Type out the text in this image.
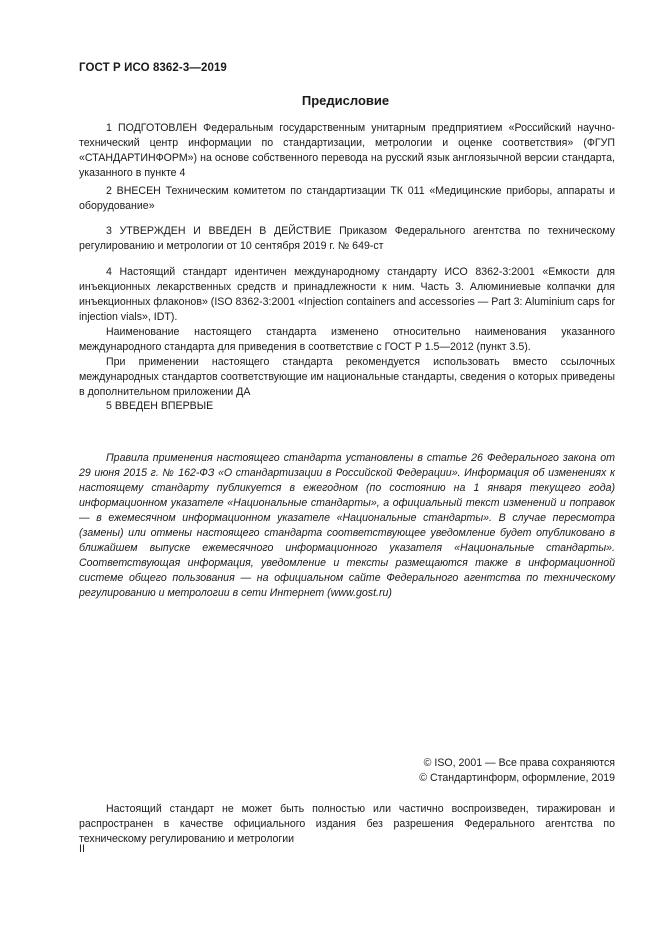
ГОСТ Р ИСО 8362-3—2019
Предисловие

1 ПОДГОТОВЛЕН Федеральным государственным унитарным предприятием «Российский научно-технический центр информации по стандартизации, метрологии и оценке соответствия» (ФГУП «СТАНДАРТИНФОРМ») на основе собственного перевода на русский язык англоязычной версии стандарта, указанного в пункте 4

2 ВНЕСЕН Техническим комитетом по стандартизации ТК 011 «Медицинские приборы, аппараты и оборудование»

3 УТВЕРЖДЕН И ВВЕДЕН В ДЕЙСТВИЕ Приказом Федерального агентства по техническому регулированию и метрологии от 10 сентября 2019 г. № 649-ст

4 Настоящий стандарт идентичен международному стандарту ИСО 8362-3:2001 «Емкости для инъекционных лекарственных средств и принадлежности к ним. Часть 3. Алюминиевые колпачки для инъекционных флаконов» (ISO 8362-3:2001 «Injection containers and accessories — Part 3: Aluminium caps for injection vials», IDT).

Наименование настоящего стандарта изменено относительно наименования указанного международного стандарта для приведения в соответствие с ГОСТ Р 1.5—2012 (пункт 3.5).

При применении настоящего стандарта рекомендуется использовать вместо ссылочных международных стандартов соответствующие им национальные стандарты, сведения о которых приведены в дополнительном приложении ДА

5 ВВЕДЕН ВПЕРВЫЕ

Правила применения настоящего стандарта установлены в статье 26 Федерального закона от 29 июня 2015 г. № 162-ФЗ «О стандартизации в Российской Федерации». Информация об изменениях к настоящему стандарту публикуется в ежегодном (по состоянию на 1 января текущего года) информационном указателе «Национальные стандарты», а официальный текст изменений и поправок — в ежемесячном информационном указателе «Национальные стандарты». В случае пересмотра (замены) или отмены настоящего стандарта соответствующее уведомление будет опубликовано в ближайшем выпуске ежемесячного информационного указателя «Национальные стандарты». Соответствующая информация, уведомление и тексты размещаются также в информационной системе общего пользования — на официальном сайте Федерального агентства по техническому регулированию и метрологии в сети Интернет (www.gost.ru)

© ISO, 2001 — Все права сохраняются
© Стандартинформ, оформление, 2019

Настоящий стандарт не может быть полностью или частично воспроизведен, тиражирован и распространен в качестве официального издания без разрешения Федерального агентства по техническому регулированию и метрологии

II
